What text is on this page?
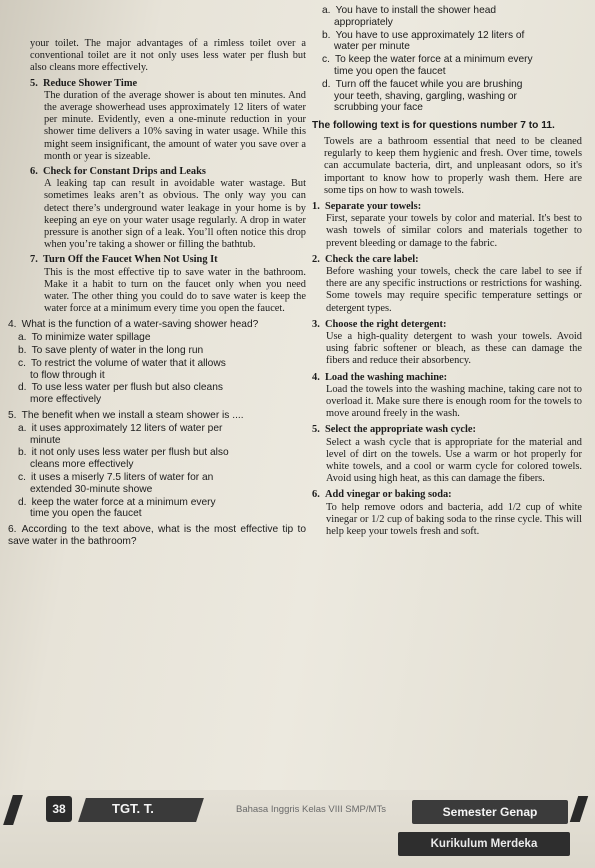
your toilet. The major advantages of a rimless toilet over a conventional toilet are it not only uses less water per flush but also cleans more effectively.

5. Reduce Shower Time

The duration of the average shower is about ten minutes. And the average showerhead uses approximately 12 liters of water per minute. Evidently, even a one-minute reduction in your shower time delivers a 10% saving in water usage. While this might seem insignificant, the amount of water you save over a month or year is sizeable.

6. Check for Constant Drips and Leaks

A leaking tap can result in avoidable water wastage. But sometimes leaks aren’t as obvious. The only way you can detect there’s underground water leakage in your home is by keeping an eye on your water usage regularly. A drop in water pressure is another sign of a leak. You’ll often notice this drop when you’re taking a shower or filling the bathtub.

7. Turn Off the Faucet When Not Using It

This is the most effective tip to save water in the bathroom. Make it a habit to turn on the faucet only when you need water. The other thing you could do to save water is keep the water force at a minimum every time you open the faucet.

4. What is the function of a water-saving shower head?

a. To minimize water spillage

b. To save plenty of water in the long run

c. To restrict the volume of water that it allows

to flow through it

d. To use less water per flush but also cleans

more effectively

5. The benefit when we install a steam shower is ....

a. it uses approximately 12 liters of water per

minute

b. it not only uses less water per flush but also

cleans more effectively

c. it uses a miserly 7.5 liters of water for an

extended 30-minute showe

d. keep the water force at a minimum every

time you open the faucet

6. According to the text above, what is the most effective tip to save water in the bathroom?

a. You have to install the shower head

appropriately

b. You have to use approximately 12 liters of

water per minute

c. To keep the water force at a minimum every

time you open the faucet

d. Turn off the faucet while you are brushing

your teeth, shaving, gargling, washing or

scrubbing your face

The following text is for questions number 7 to 11.

Towels are a bathroom essential that need to be cleaned regularly to keep them hygienic and fresh. Over time, towels can accumulate bacteria, dirt, and unpleasant odors, so it's important to know how to properly wash them. Here are some tips on how to wash towels.

1. Separate your towels:

First, separate your towels by color and material. It's best to wash towels of similar colors and materials together to prevent bleeding or damage to the fabric.

2. Check the care label:

Before washing your towels, check the care label to see if there are any specific instructions or restrictions for washing. Some towels may require specific temperature settings or detergent types.

3. Choose the right detergent:

Use a high-quality detergent to wash your towels. Avoid using fabric softener or bleach, as these can damage the fibers and reduce their absorbency.

4. Load the washing machine:

Load the towels into the washing machine, taking care not to overload it. Make sure there is enough room for the towels to move around freely in the wash.

5. Select the appropriate wash cycle:

Select a wash cycle that is appropriate for the material and level of dirt on the towels. Use a warm or hot properly for white towels, and a cool or warm cycle for colored towels. Avoid using high heat, as this can damage the fibers.

6. Add vinegar or baking soda:

To help remove odors and bacteria, add 1/2 cup of white vinegar or 1/2 cup of baking soda to the rinse cycle. This will help keep your towels fresh and soft.

38	TGT. T.	Bahasa Inggris Kelas VIII SMP/MTs	Semester Genap
Kurikulum Merdeka
